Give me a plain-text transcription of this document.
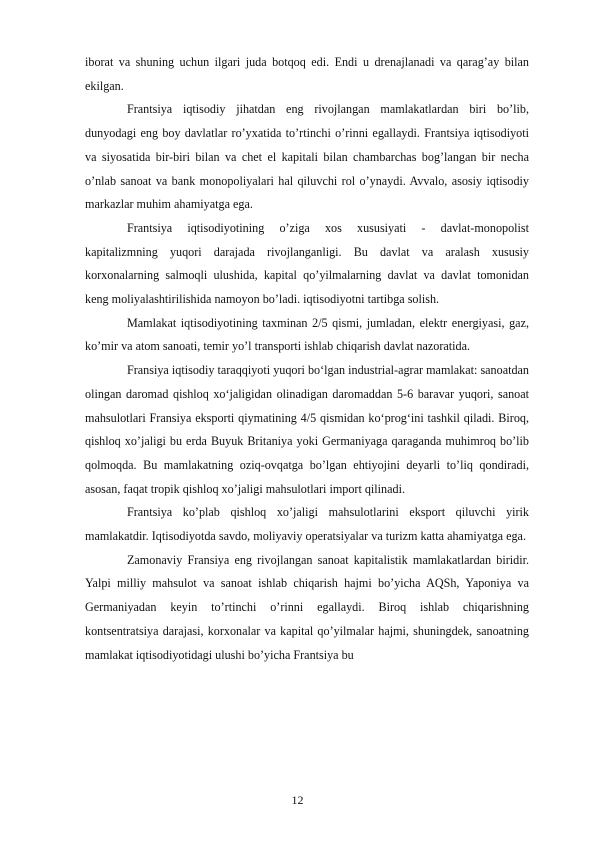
iborat va shuning uchun ilgari juda botqoq edi. Endi u drenajlanadi va qarag’ay bilan ekilgan.

Frantsiya iqtisodiy jihatdan eng rivojlangan mamlakatlardan biri bo’lib, dunyodagi eng boy davlatlar ro’yxatida to’rtinchi o’rinni egallaydi. Frantsiya iqtisodiyoti va siyosatida bir-biri bilan va chet el kapitali bilan chambarchas bog’langan bir necha o’nlab sanoat va bank monopoliyalari hal qiluvchi rol o’ynaydi. Avvalo, asosiy iqtisodiy markazlar muhim ahamiyatga ega.

Frantsiya iqtisodiyotining o’ziga xos xususiyati - davlat-monopolist kapitalizmning yuqori darajada rivojlanganligi. Bu davlat va aralash xususiy korxonalarning salmoqli ulushida, kapital qo’yilmalarning davlat va davlat tomonidan keng moliyalashtirilishida namoyon bo’ladi. iqtisodiyotni tartibga solish.

Mamlakat iqtisodiyotining taxminan 2/5 qismi, jumladan, elektr energiyasi, gaz, ko’mir va atom sanoati, temir yo’l transporti ishlab chiqarish davlat nazoratida.

Fransiya iqtisodiy taraqqiyoti yuqori bo‘lgan industrial-agrar mamlakat: sanoatdan olingan daromad qishloq xo‘jaligidan olinadigan daromaddan 5-6 baravar yuqori, sanoat mahsulotlari Fransiya eksporti qiymatining 4/5 qismidan ko‘prog‘ini tashkil qiladi. Biroq, qishloq xo’jaligi bu erda Buyuk Britaniya yoki Germaniyaga qaraganda muhimroq bo’lib qolmoqda. Bu mamlakatning oziq-ovqatga bo’lgan ehtiyojini deyarli to’liq qondiradi, asosan, faqat tropik qishloq xo’jaligi mahsulotlari import qilinadi.

Frantsiya ko’plab qishloq xo’jaligi mahsulotlarini eksport qiluvchi yirik mamlakatdir. Iqtisodiyotda savdo, moliyaviy operatsiyalar va turizm katta ahamiyatga ega.

Zamonaviy Fransiya eng rivojlangan sanoat kapitalistik mamlakatlardan biridir. Yalpi milliy mahsulot va sanoat ishlab chiqarish hajmi bo’yicha AQSh, Yaponiya va Germaniyadan keyin to’rtinchi o’rinni egallaydi. Biroq ishlab chiqarishning kontsentratsiya darajasi, korxonalar va kapital qo’yilmalar hajmi, shuningdek, sanoatning mamlakat iqtisodiyotidagi ulushi bo’yicha Frantsiya bu

12
